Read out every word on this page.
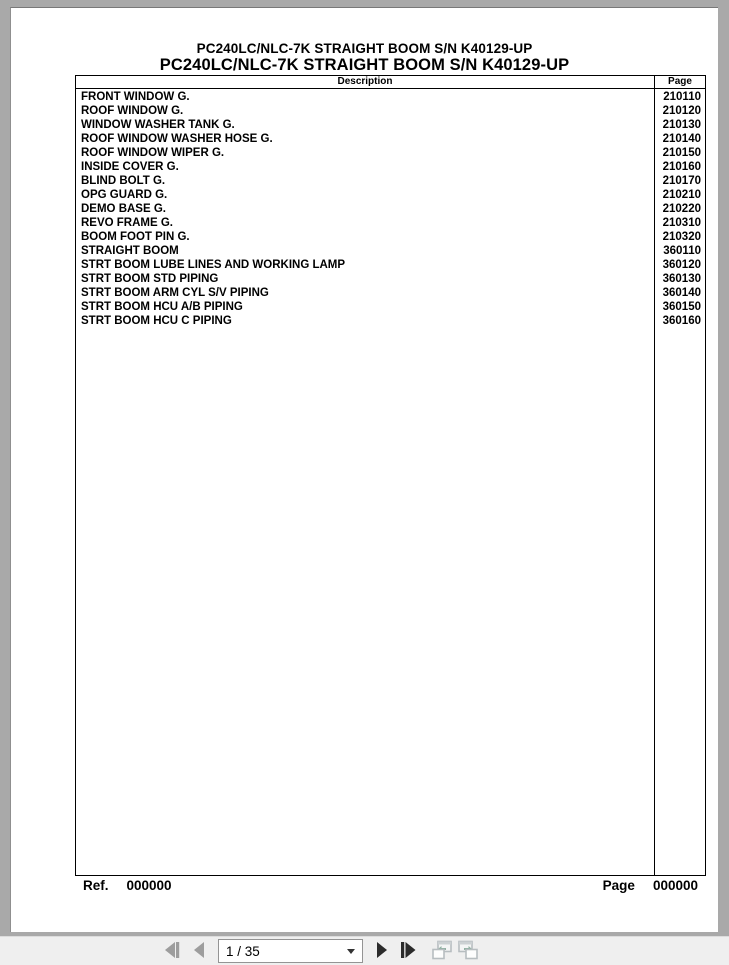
PC240LC/NLC-7K STRAIGHT BOOM S/N K40129-UP
PC240LC/NLC-7K STRAIGHT BOOM S/N K40129-UP
Description	Page
FRONT WINDOW G.
ROOF WINDOW G.
WINDOW WASHER TANK G.
ROOF WINDOW WASHER HOSE G.
ROOF WINDOW WIPER G.
INSIDE COVER G.
BLIND BOLT G.
OPG GUARD G.
DEMO BASE G.
REVO FRAME G.
BOOM FOOT PIN G.
STRAIGHT BOOM
STRT BOOM LUBE LINES AND WORKING LAMP
STRT BOOM STD PIPING
STRT BOOM ARM CYL S/V PIPING
STRT BOOM HCU A/B PIPING
STRT BOOM HCU C PIPING
210110
210120
210130
210140
210150
210160
210170
210210
210220
210310
210320
360110
360120
360130
360140
360150
360160
Ref. 000000	Page 000000
1 / 35
